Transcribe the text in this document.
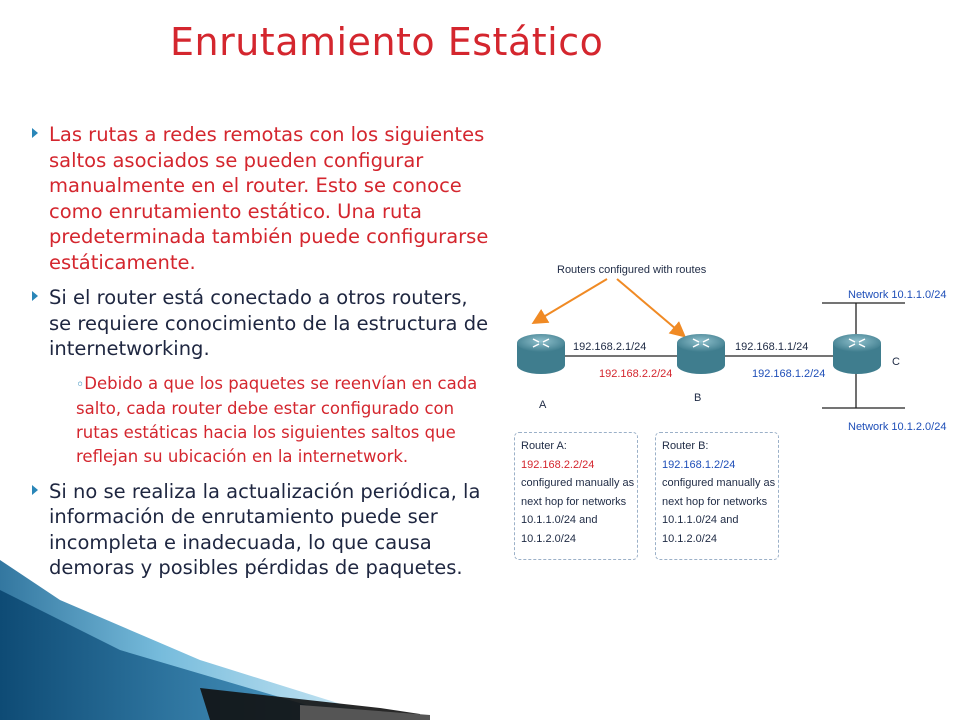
Enrutamiento Estático
Las rutas a redes remotas con los siguientes saltos asociados se pueden configurar manualmente en el router. Esto se conoce como enrutamiento estático. Una ruta predeterminada también puede configurarse estáticamente.
Si el router está conectado a otros routers, se requiere conocimiento de la estructura de internetworking.
◦Debido a que los paquetes se reenvían en cada salto, cada router debe estar configurado con rutas estáticas hacia los siguientes saltos que reflejan su ubicación en la internetwork.
Si no se realiza la actualización periódica, la información de enrutamiento puede ser incompleta e inadecuada, lo que causa demoras y posibles pérdidas de paquetes.
Routers configured with routes
192.168.2.1/24
192.168.2.2/24
192.168.1.1/24
192.168.1.2/24
Network 10.1.1.0/24
Network 10.1.2.0/24
A
B
C
Router A:
192.168.2.2/24
configured manually as
next hop for networks
10.1.1.0/24 and
10.1.2.0/24
Router B:
192.168.1.2/24
configured manually as
next hop for networks
10.1.1.0/24 and
10.1.2.0/24
